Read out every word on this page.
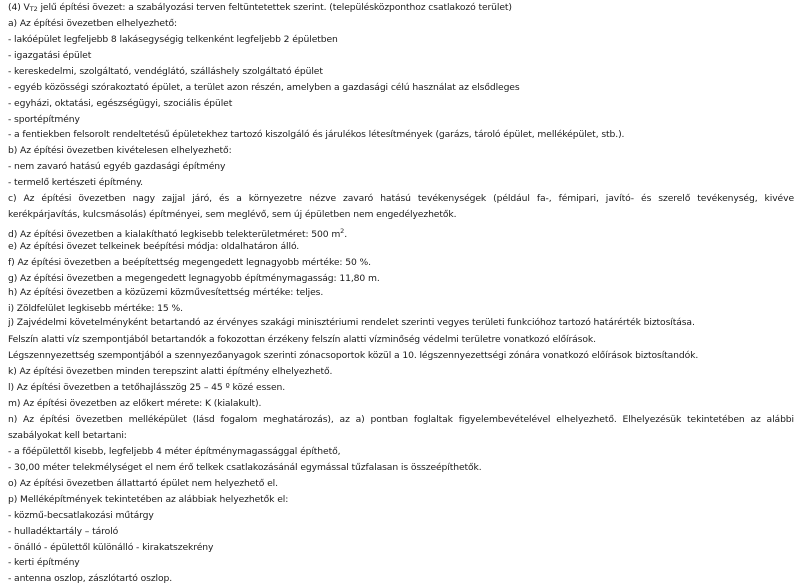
(4) $V_{T2}$ jelű építési övezet: a szabályozási terven feltüntetettek szerint. (településközponthoz csatlakozó terület)
a) Az építési övezetben elhelyezhető:
- lakóépület legfeljebb 8 lakásegységig telkenként legfeljebb 2 épületben
- igazgatási épület
- kereskedelmi, szolgáltató, vendéglátó, szálláshely szolgáltató épület
- egyéb közösségi szórakoztató épület, a terület azon részén, amelyben a gazdasági célú használat az elsődleges
- egyházi, oktatási, egészségügyi, szociális épület
- sportépítmény
- a fentiekben felsorolt rendeltetésű épületekhez tartozó kiszolgáló és járulékos létesítmények (garázs, tároló épület, melléképület, stb.).
b) Az építési övezetben kivételesen elhelyezhető:
- nem zavaró hatású egyéb gazdasági építmény
- termelő kertészeti építmény.
c) Az építési övezetben nagy zajjal járó, és a környezetre nézve zavaró hatású tevékenységek (például fa-, fémipari, javító- és szerelő tevékenység, kivéve
kerékpárjavítás, kulcsmásolás) építményei, sem meglévő, sem új épületben nem engedélyezhetők.
d) Az építési övezetben a kialakítható legkisebb telekterületméret: 500 $m^2$.
e) Az építési övezet telkeinek beépítési módja: oldalhatáron álló.
f) Az építési övezetben a beépítettség megengedett legnagyobb mértéke: 50 %.
g) Az építési övezetben a megengedett legnagyobb építménymagasság: 11,80 m.
h) Az építési övezetben a közüzemi közművesítettség mértéke: teljes.
i) Zöldfelület legkisebb mértéke: 15 %.
j) Zajvédelmi követelményként betartandó az érvényes szakági minisztériumi rendelet szerinti vegyes területi funkcióhoz tartozó határérték biztosítása.
Felszín alatti víz szempontjából betartandók a fokozottan érzékeny felszín alatti vízminőség védelmi területre vonatkozó előírások.
Légszennyezettség szempontjából a szennyezőanyagok szerinti zónacsoportok közül a 10. légszennyezettségi zónára vonatkozó előírások biztosítandók.
k) Az építési övezetben minden terepszint alatti építmény elhelyezhető.
l) Az építési övezetben a tetőhajlásszög 25 – 45 º közé essen.
m) Az építési övezetben az előkert mérete: K (kialakult).
n) Az építési övezetben melléképület (lásd fogalom meghatározás), az a) pontban foglaltak figyelembevételével elhelyezhető. Elhelyezésük tekintetében az alábbi
szabályokat kell betartani:
- a főépülettől kisebb, legfeljebb 4 méter építménymagassággal építhető,
- 30,00 méter telekmélységet el nem érő telkek csatlakozásánál egymással tűzfalasan is összeépíthetők.
o) Az építési övezetben állattartó épület nem helyezhető el.
p) Melléképítmények tekintetében az alábbiak helyezhetők el:
- közmű-becsatlakozási műtárgy
- hulladéktartály – tároló
- önálló - épülettől különálló - kirakatszekrény
- kerti építmény
- antenna oszlop, zászlótartó oszlop.
